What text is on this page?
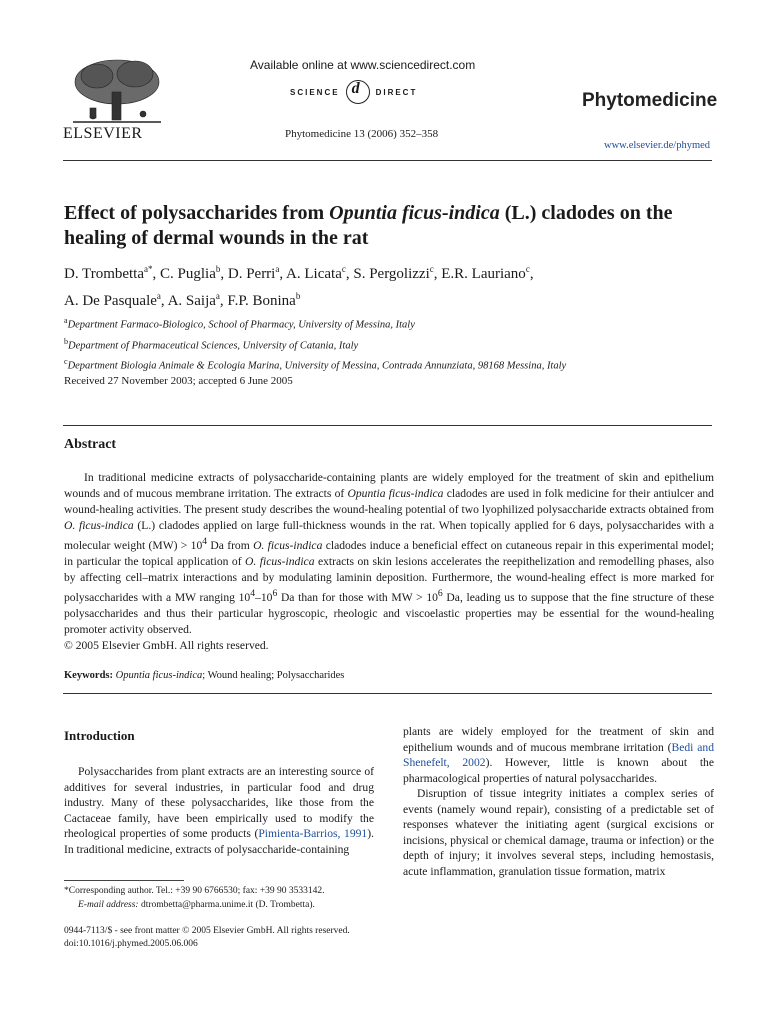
ELSEVIER
Available online at www.sciencedirect.com
SCIENCE
d	DIRECT
Phytomedicine 13 (2006) 352–358
Phytomedicine
www.elsevier.de/phymed
Effect of polysaccharides from Opuntia ficus-indica (L.) cladodes on the healing of dermal wounds in the rat
D. Trombetta$^{a*}$, C. Puglia$^b$, D. Perri$^a$, A. Licata$^c$, S. Pergolizzi$^c$, E.R. Lauriano$^c$,
A. De Pasquale$^a$, A. Saija$^a$, F.P. Bonina$^b$
$^a$Department Farmaco-Biologico, School of Pharmacy, University of Messina, Italy
$^b$Department of Pharmaceutical Sciences, University of Catania, Italy
$^c$Department Biologia Animale & Ecologia Marina, University of Messina, Contrada Annunziata, 98168 Messina, Italy
Received 27 November 2003; accepted 6 June 2005
Abstract

In traditional medicine extracts of polysaccharide-containing plants are widely employed for the treatment of skin and epithelium wounds and of mucous membrane irritation. The extracts of Opuntia ficus-indica cladodes are used in folk medicine for their antiulcer and wound-healing activities. The present study describes the wound-healing potential of two lyophilized polysaccharide extracts obtained from O. ficus-indica (L.) cladodes applied on large full-thickness wounds in the rat. When topically applied for 6 days, polysaccharides with a molecular weight $(MW) > 10^4$ Da from O. ficus-indica cladodes induce a beneficial effect on cutaneous repair in this experimental model; in particular the topical application of O. ficus-indica extracts on skin lesions accelerates the reepithelization and remodelling phases, also by affecting cell–matrix interactions and by modulating laminin deposition. Furthermore, the wound-healing effect is more marked for polysaccharides with a MW ranging $10^4-10^6$ Da than for those with MW > $10^6$ Da, leading us to suppose that the fine structure of these polysaccharides and thus their particular hygroscopic, rheologic and viscoelastic properties may be essential for the wound-healing promoter activity observed.

© 2005 Elsevier GmbH. All rights reserved.
Keywords: Opuntia ficus-indica; Wound healing; Polysaccharides
Introduction

Polysaccharides from plant extracts are an interesting source of additives for several industries, in particular food and drug industry. Many of these polysaccharides, like those from the Cactaceae family, have been empirically used to modify the rheological properties of some products (Pimienta-Barrios, 1991). In traditional medicine, extracts of polysaccharide-containing

plants are widely employed for the treatment of skin and epithelium wounds and of mucous membrane irritation (Bedi and Shenefelt, 2002). However, little is known about the pharmacological properties of natural polysaccharides.

Disruption of tissue integrity initiates a complex series of events (namely wound repair), consisting of a predictable set of responses whatever the initiating agent (surgical excisions or incisions, physical or chemical damage, trauma or infection) or the depth of injury; it involves several steps, including hemostasis, acute inflammation, granulation tissue formation, matrix

*Corresponding author. Tel.: +39 90 6766530; fax: +39 90 3533142.
E-mail address: dtrombetta@pharma.unime.it (D. Trombetta).
0944-7113/$ - see front matter © 2005 Elsevier GmbH. All rights reserved.
doi:10.1016/j.phymed.2005.06.006
